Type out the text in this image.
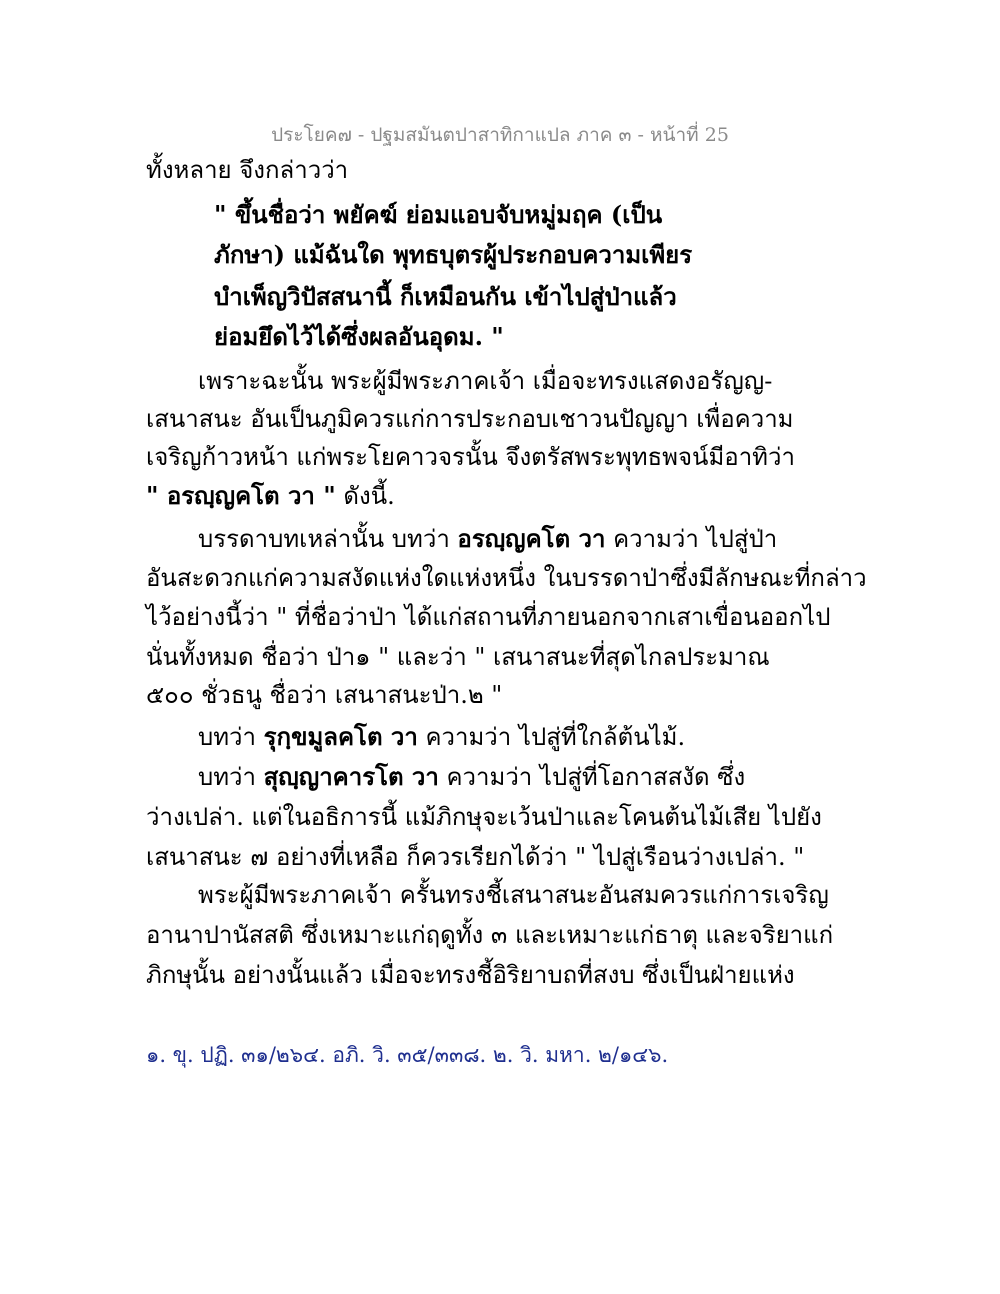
ประโยค๗ - ปฐมสมันตปาสาทิกาแปล ภาค ๓ - หน้าที่ 25
ทั้งหลาย จึงกล่าวว่า
" ขึ้นชื่อว่า พยัคฆ์ ย่อมแอบจับหมู่มฤค (เป็น
ภักษา) แม้ฉันใด พุทธบุตรผู้ประกอบความเพียร
บำเพ็ญวิปัสสนานี้ ก็เหมือนกัน เข้าไปสู่ป่าแล้ว
ย่อมยึดไว้ได้ซึ่งผลอันอุดม. "
เพราะฉะนั้น พระผู้มีพระภาคเจ้า เมื่อจะทรงแสดงอรัญญ-
เสนาสนะ อันเป็นภูมิควรแก่การประกอบเชาวนปัญญา เพื่อความ
เจริญก้าวหน้า แก่พระโยคาวจรนั้น จึงตรัสพระพุทธพจน์มีอาทิว่า
" อรญฺญคโต วา " ดังนี้.
บรรดาบทเหล่านั้น บทว่า อรญฺญคโต วา ความว่า ไปสู่ป่า
อันสะดวกแก่ความสงัดแห่งใดแห่งหนึ่ง ในบรรดาป่าซึ่งมีลักษณะที่กล่าว
ไว้อย่างนี้ว่า " ที่ชื่อว่าป่า ได้แก่สถานที่ภายนอกจากเสาเขื่อนออกไป
นั่นทั้งหมด ชื่อว่า ป่า๑ " และว่า " เสนาสนะที่สุดไกลประมาณ
๕๐๐ ชั่วธนู ชื่อว่า เสนาสนะป่า.๒ "
บทว่า รุกฺขมูลคโต วา ความว่า ไปสู่ที่ใกล้ต้นไม้.
บทว่า สุญฺญาคารโต วา ความว่า ไปสู่ที่โอกาสสงัด ซึ่ง
ว่างเปล่า. แต่ในอธิการนี้ แม้ภิกษุจะเว้นป่าและโคนต้นไม้เสีย ไปยัง
เสนาสนะ ๗ อย่างที่เหลือ ก็ควรเรียกได้ว่า " ไปสู่เรือนว่างเปล่า. "
พระผู้มีพระภาคเจ้า ครั้นทรงชี้เสนาสนะอันสมควรแก่การเจริญ
อานาปานัสสติ ซึ่งเหมาะแก่ฤดูทั้ง ๓ และเหมาะแก่ธาตุ และจริยาแก่
ภิกษุนั้น อย่างนั้นแล้ว เมื่อจะทรงชี้อิริยาบถที่สงบ ซึ่งเป็นฝ่ายแห่ง
๑. ขุ. ปฏิ. ๓๑/๒๖๔. อภิ. วิ. ๓๕/๓๓๘. ๒. วิ. มหา. ๒/๑๔๖.
